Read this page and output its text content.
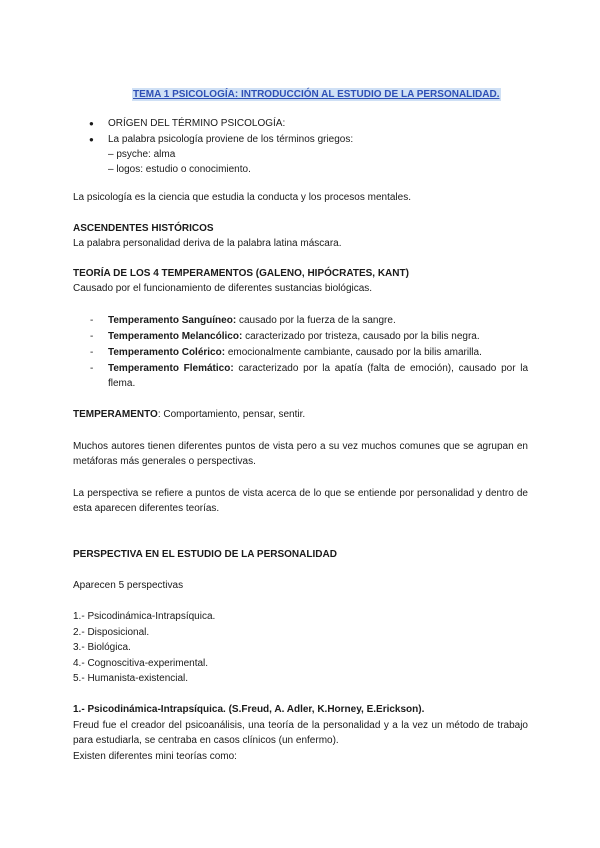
TEMA 1 PSICOLOGÍA: INTRODUCCIÓN AL ESTUDIO DE LA PERSONALIDAD.
● ORÍGEN DEL TÉRMINO PSICOLOGÍA:
● La palabra psicología proviene de los términos griegos:
– psyche: alma
– logos: estudio o conocimiento.
La psicología es la ciencia que estudia la conducta y los procesos mentales.
ASCENDENTES HISTÓRICOS
La palabra personalidad deriva de la palabra latina máscara.
TEORÍA DE LOS 4 TEMPERAMENTOS (GALENO, HIPÓCRATES, KANT)
Causado por el funcionamiento de diferentes sustancias biológicas.
- Temperamento Sanguíneo: causado por la fuerza de la sangre.
- Temperamento Melancólico: caracterizado por tristeza, causado por la bilis negra.
- Temperamento Colérico: emocionalmente cambiante, causado por la bilis amarilla.
- Temperamento Flemático: caracterizado por la apatía (falta de emoción), causado por la
flema.
TEMPERAMENTO: Comportamiento, pensar, sentir.
Muchos autores tienen diferentes puntos de vista pero a su vez muchos comunes que se agrupan en
metáforas más generales o perspectivas.
La perspectiva se refiere a puntos de vista acerca de lo que se entiende por personalidad y dentro de
esta aparecen diferentes teorías.
PERSPECTIVA EN EL ESTUDIO DE LA PERSONALIDAD
Aparecen 5 perspectivas
1.- Psicodinámica-Intrapsíquica.
2.- Disposicional.
3.- Biológica.
4.- Cognoscitiva-experimental.
5.- Humanista-existencial.
1.- Psicodinámica-Intrapsíquica. (S.Freud, A. Adler, K.Horney, E.Erickson).
Freud fue el creador del psicoanálisis, una teoría de la personalidad y a la vez un método de trabajo
para estudiarla, se centraba en casos clínicos (un enfermo).
Existen diferentes mini teorías como:
